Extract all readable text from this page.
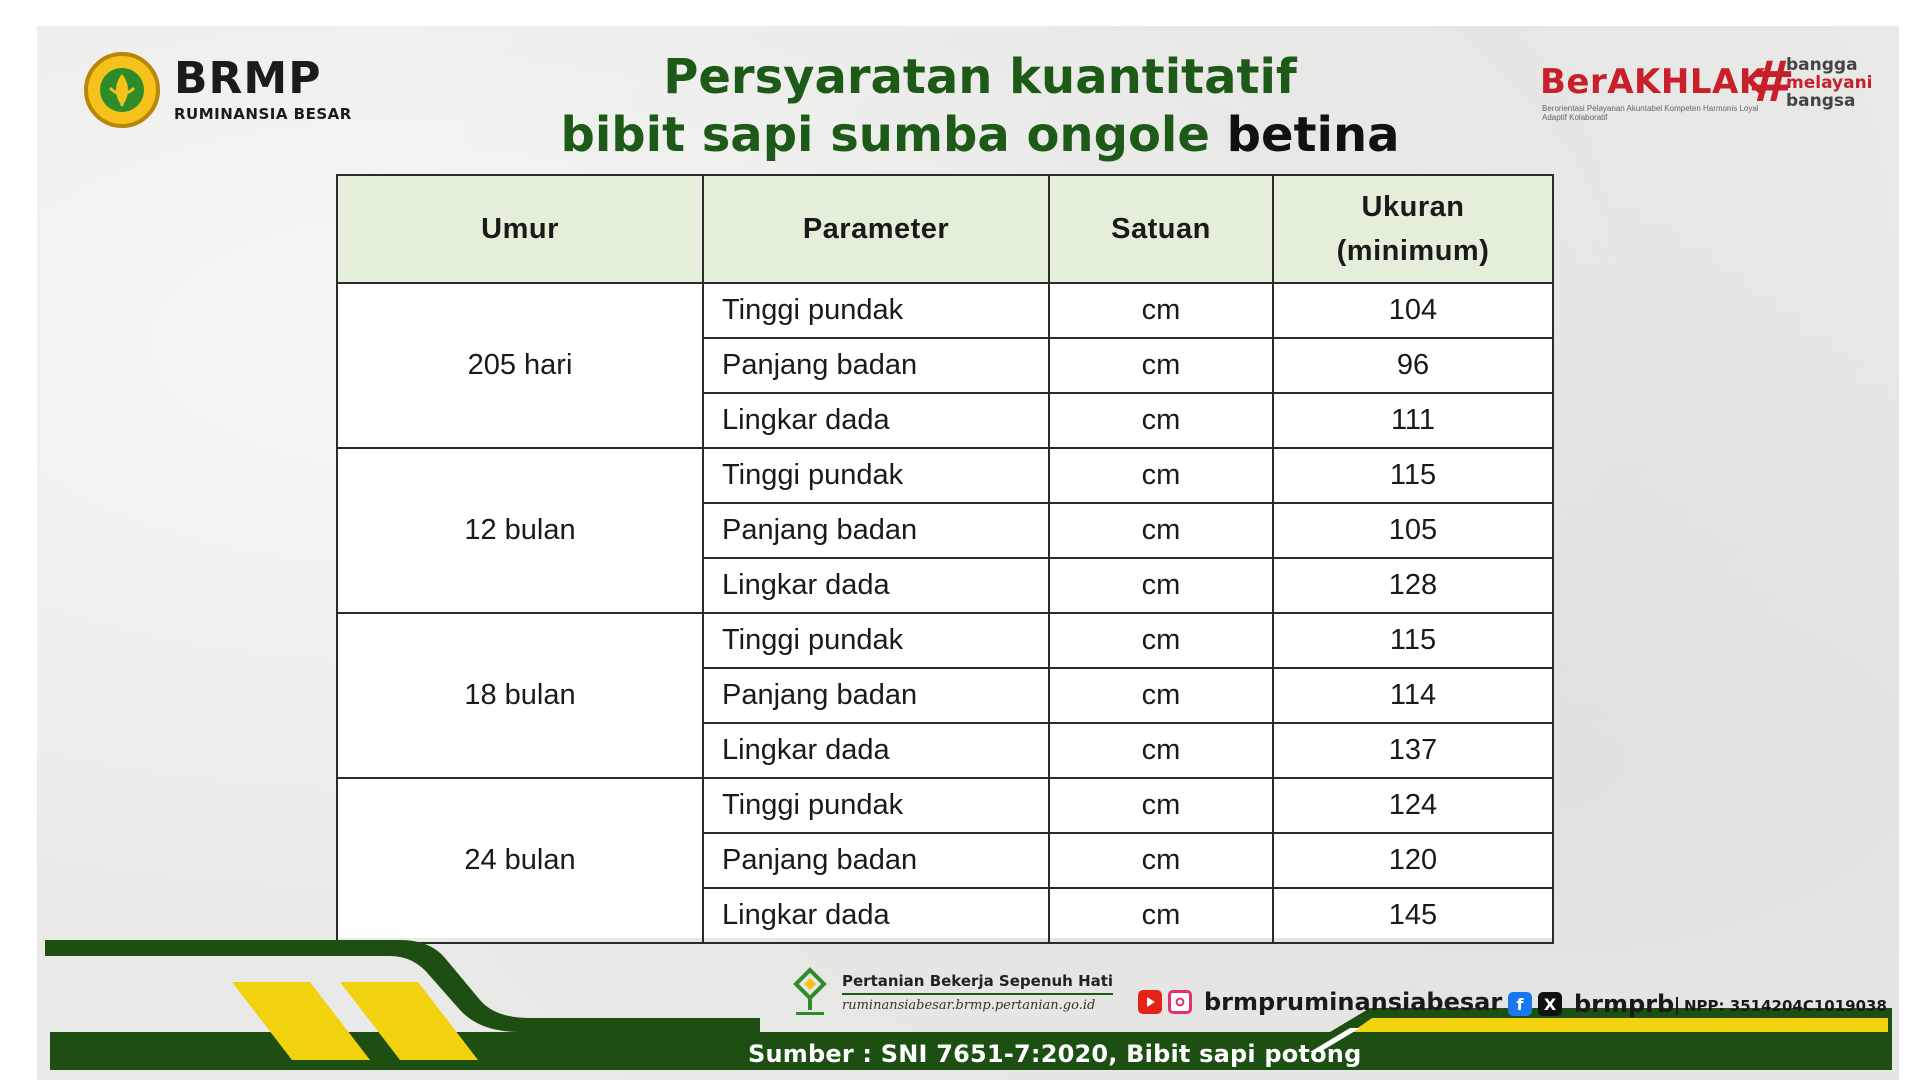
BRMP
RUMINANSIA BESAR
Persyaratan kuantitatif
bibit sapi sumba ongole betina
BerAKHLAK
Berorientasi Pelayanan Akuntabel Kompeten Harmonis Loyal Adaptif Kolaboratif
#
bangga
melayani
bangsa
Umur	Parameter	Satuan	Ukuran
(minimum)
205 hari	Tinggi pundak	cm	104
	Panjang badan	cm	96
	Lingkar dada	cm	111
12 bulan	Tinggi pundak	cm	115
	Panjang badan	cm	105
	Lingkar dada	cm	128
18 bulan	Tinggi pundak	cm	115
	Panjang badan	cm	114
	Lingkar dada	cm	137
24 bulan	Tinggi pundak	cm	124
	Panjang badan	cm	120
	Lingkar dada	cm	145
Pertanian Bekerja Sepenuh Hati
ruminansiabesar.brmp.pertanian.go.id	brmpruminansiabesar f	X brmprb NPP: 3514204C1019038
Sumber : SNI 7651-7:2020, Bibit sapi potong
